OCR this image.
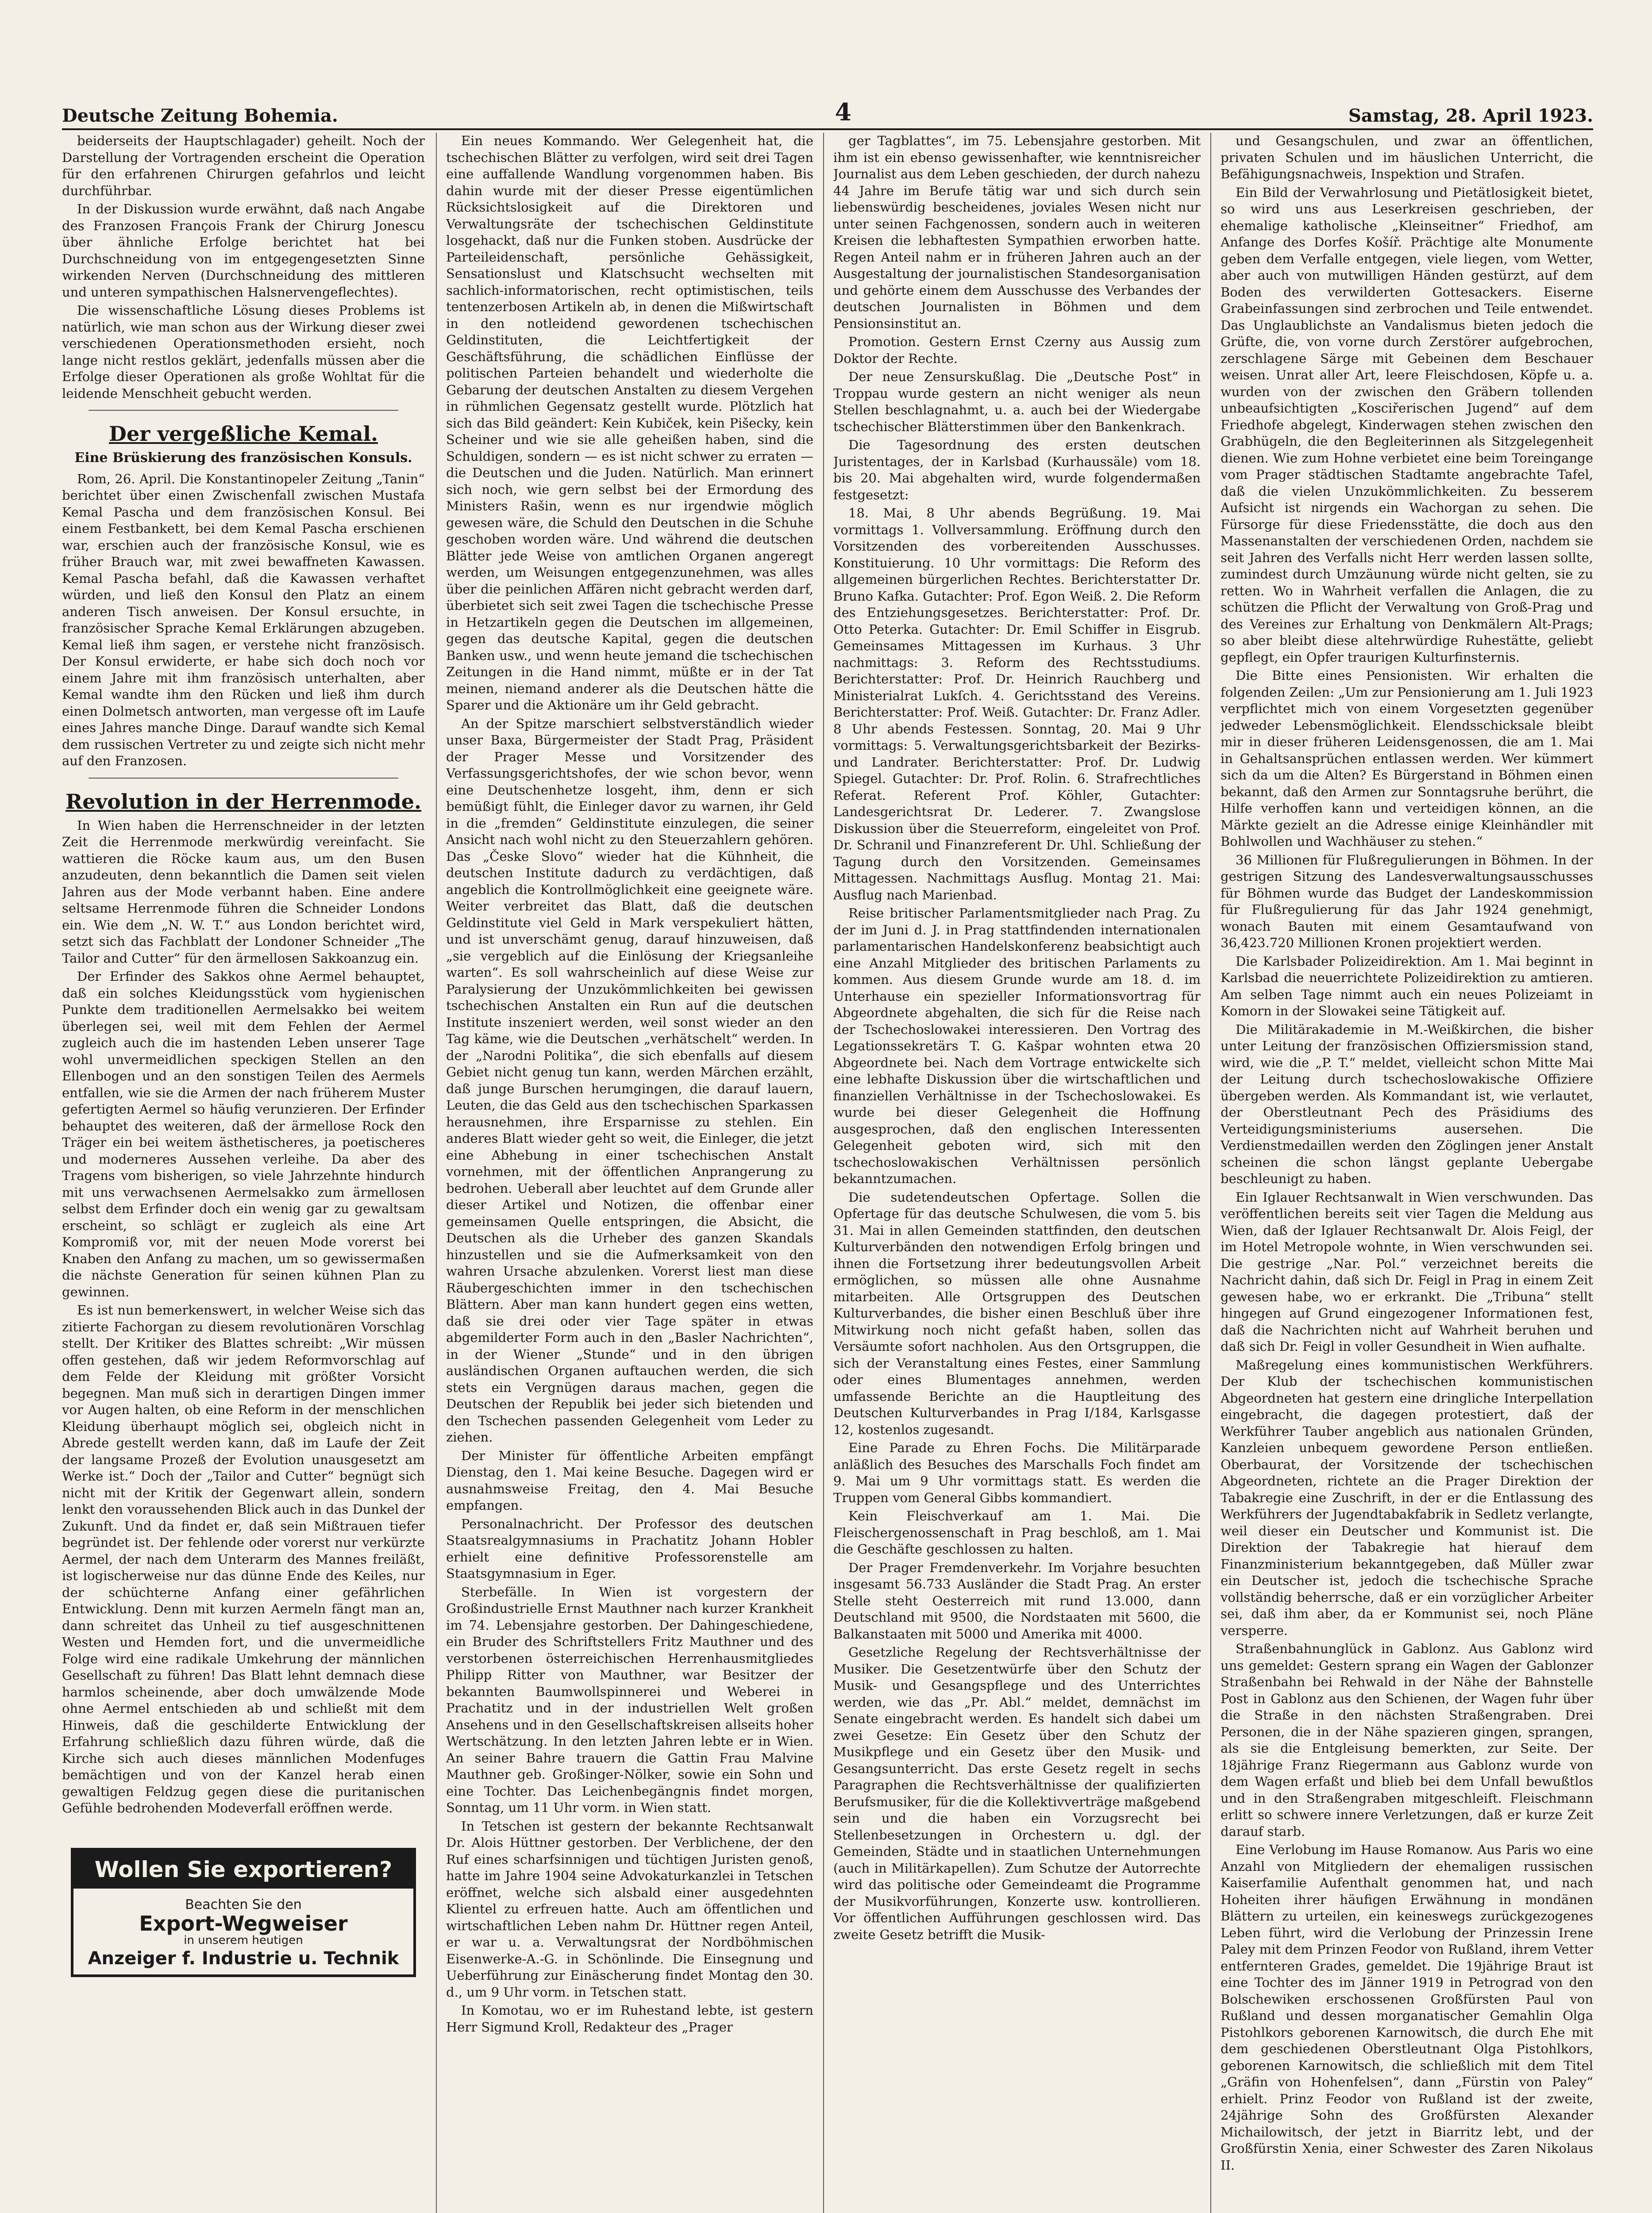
Deutsche Zeitung Bohemia.	4	Samstag, 28. April 1923.

beiderseits der Hauptschlagader) geheilt. Noch der Darstellung der Vortragenden erscheint die Operation für den erfahrenen Chirurgen gefahrlos und leicht durchführbar.

In der Diskussion wurde erwähnt, daß nach Angabe des Franzosen François Frank der Chirurg Jonescu über ähnliche Erfolge berichtet hat bei Durchschneidung von im entgegengesetzten Sinne wirkenden Nerven (Durchschneidung des mittleren und unteren sympathischen Halsnervengeflechtes).

Die wissenschaftliche Lösung dieses Problems ist natürlich, wie man schon aus der Wirkung dieser zwei verschiedenen Operationsmethoden ersieht, noch lange nicht restlos geklärt, jedenfalls müssen aber die Erfolge dieser Operationen als große Wohltat für die leidende Menschheit gebucht werden.

Der vergeßliche Kemal.
Eine Brüskierung des französischen Konsuls.

Rom, 26. April. Die Konstantinopeler Zeitung „Tanin“ berichtet über einen Zwischenfall zwischen Mustafa Kemal Pascha und dem französischen Konsul. Bei einem Festbankett, bei dem Kemal Pascha erschienen war, erschien auch der französische Konsul, wie es früher Brauch war, mit zwei bewaffneten Kawassen. Kemal Pascha befahl, daß die Kawassen verhaftet würden, und ließ den Konsul den Platz an einem anderen Tisch anweisen. Der Konsul ersuchte, in französischer Sprache Kemal Erklärungen abzugeben. Kemal ließ ihm sagen, er verstehe nicht französisch. Der Konsul erwiderte, er habe sich doch noch vor einem Jahre mit ihm französisch unterhalten, aber Kemal wandte ihm den Rücken und ließ ihm durch einen Dolmetsch antworten, man vergesse oft im Laufe eines Jahres manche Dinge. Darauf wandte sich Kemal dem russischen Vertreter zu und zeigte sich nicht mehr auf den Franzosen.

Revolution in der Herrenmode.

In Wien haben die Herrenschneider in der letzten Zeit die Herrenmode merkwürdig vereinfacht. Sie wattieren die Röcke kaum aus, um den Busen anzudeuten, denn bekanntlich die Damen seit vielen Jahren aus der Mode verbannt haben. Eine andere seltsame Herrenmode führen die Schneider Londons ein. Wie dem „N. W. T.“ aus London berichtet wird, setzt sich das Fachblatt der Londoner Schneider „The Tailor and Cutter“ für den ärmellosen Sakkoanzug ein.

Der Erfinder des Sakkos ohne Aermel behauptet, daß ein solches Kleidungsstück vom hygienischen Punkte dem traditionellen Aermelsakko bei weitem überlegen sei, weil mit dem Fehlen der Aermel zugleich auch die im hastenden Leben unserer Tage wohl unvermeidlichen speckigen Stellen an den Ellenbogen und an den sonstigen Teilen des Aermels entfallen, wie sie die Armen der nach früherem Muster gefertigten Aermel so häufig verunzieren. Der Erfinder behauptet des weiteren, daß der ärmellose Rock den Träger ein bei weitem ästhetischeres, ja poetischeres und moderneres Aussehen verleihe. Da aber des Tragens vom bisherigen, so viele Jahrzehnte hindurch mit uns verwachsenen Aermelsakko zum ärmellosen selbst dem Erfinder doch ein wenig gar zu gewaltsam erscheint, so schlägt er zugleich als eine Art Kompromiß vor, mit der neuen Mode vorerst bei Knaben den Anfang zu machen, um so gewissermaßen die nächste Generation für seinen kühnen Plan zu gewinnen.

Es ist nun bemerkenswert, in welcher Weise sich das zitierte Fachorgan zu diesem revolutionären Vorschlag stellt. Der Kritiker des Blattes schreibt: „Wir müssen offen gestehen, daß wir jedem Reformvorschlag auf dem Felde der Kleidung mit größter Vorsicht begegnen. Man muß sich in derartigen Dingen immer vor Augen halten, ob eine Reform in der menschlichen Kleidung überhaupt möglich sei, obgleich nicht in Abrede gestellt werden kann, daß im Laufe der Zeit der langsame Prozeß der Evolution unausgesetzt am Werke ist.“ Doch der „Tailor and Cutter“ begnügt sich nicht mit der Kritik der Gegenwart allein, sondern lenkt den voraussehenden Blick auch in das Dunkel der Zukunft. Und da findet er, daß sein Mißtrauen tiefer begründet ist. Der fehlende oder vorerst nur verkürzte Aermel, der nach dem Unterarm des Mannes freiläßt, ist logischerweise nur das dünne Ende des Keiles, nur der schüchterne Anfang einer gefährlichen Entwicklung. Denn mit kurzen Aermeln fängt man an, dann schreitet das Unheil zu tief ausgeschnittenen Westen und Hemden fort, und die unvermeidliche Folge wird eine radikale Umkehrung der männlichen Gesellschaft zu führen! Das Blatt lehnt demnach diese harmlos scheinende, aber doch umwälzende Mode ohne Aermel entschieden ab und schließt mit dem Hinweis, daß die geschilderte Entwicklung der Erfahrung schließlich dazu führen würde, daß die Kirche sich auch dieses männlichen Modenfuges bemächtigen und von der Kanzel herab einen gewaltigen Feldzug gegen diese die puritanischen Gefühle bedrohenden Modeverfall eröffnen werde.

Wollen Sie exportieren?
Beachten Sie den
Export-Wegweiser
in unserem heutigen
Anzeiger f. Industrie u. Technik

Ein neues Kommando. Wer Gelegenheit hat, die tschechischen Blätter zu verfolgen, wird seit drei Tagen eine auffallende Wandlung vorgenommen haben. Bis dahin wurde mit der dieser Presse eigentümlichen Rücksichtslosigkeit auf die Direktoren und Verwaltungsräte der tschechischen Geldinstitute losgehackt, daß nur die Funken stoben. Ausdrücke der Parteileidenschaft, persönliche Gehässigkeit, Sensationslust und Klatschsucht wechselten mit sachlich-informatorischen, recht optimistischen, teils tentenzerbosen Artikeln ab, in denen die Mißwirtschaft in den notleidend gewordenen tschechischen Geldinstituten, die Leichtfertigkeit der Geschäftsführung, die schädlichen Einflüsse der politischen Parteien behandelt und wiederholte die Gebarung der deutschen Anstalten zu diesem Vergehen in rühmlichen Gegensatz gestellt wurde. Plötzlich hat sich das Bild geändert: Kein Kubiček, kein Pišecky, kein Scheiner und wie sie alle geheißen haben, sind die Schuldigen, sondern — es ist nicht schwer zu erraten — die Deutschen und die Juden. Natürlich. Man erinnert sich noch, wie gern selbst bei der Ermordung des Ministers Rašin, wenn es nur irgendwie möglich gewesen wäre, die Schuld den Deutschen in die Schuhe geschoben worden wäre. Und während die deutschen Blätter jede Weise von amtlichen Organen angeregt werden, um Weisungen entgegenzunehmen, was alles über die peinlichen Affären nicht gebracht werden darf, überbietet sich seit zwei Tagen die tschechische Presse in Hetzartikeln gegen die Deutschen im allgemeinen, gegen das deutsche Kapital, gegen die deutschen Banken usw., und wenn heute jemand die tschechischen Zeitungen in die Hand nimmt, müßte er in der Tat meinen, niemand anderer als die Deutschen hätte die Sparer und die Aktionäre um ihr Geld gebracht.

An der Spitze marschiert selbstverständlich wieder unser Baxa, Bürgermeister der Stadt Prag, Präsident der Prager Messe und Vorsitzender des Verfassungsgerichtshofes, der wie schon bevor, wenn eine Deutschenhetze losgeht, ihm, denn er sich bemüßigt fühlt, die Einleger davor zu warnen, ihr Geld in die „fremden“ Geldinstitute einzulegen, die seiner Ansicht nach wohl nicht zu den Steuerzahlern gehören. Das „Česke Slovo“ wieder hat die Kühnheit, die deutschen Institute dadurch zu verdächtigen, daß angeblich die Kontrollmöglichkeit eine geeignete wäre. Weiter verbreitet das Blatt, daß die deutschen Geldinstitute viel Geld in Mark verspekuliert hätten, und ist unverschämt genug, darauf hinzuweisen, daß „sie vergeblich auf die Einlösung der Kriegsanleihe warten“. Es soll wahrscheinlich auf diese Weise zur Paralysierung der Unzukömmlichkeiten bei gewissen tschechischen Anstalten ein Run auf die deutschen Institute inszeniert werden, weil sonst wieder an den Tag käme, wie die Deutschen „verhätschelt“ werden. In der „Narodni Politika“, die sich ebenfalls auf diesem Gebiet nicht genug tun kann, werden Märchen erzählt, daß junge Burschen herumgingen, die darauf lauern, Leuten, die das Geld aus den tschechischen Sparkassen herausnehmen, ihre Ersparnisse zu stehlen. Ein anderes Blatt wieder geht so weit, die Einleger, die jetzt eine Abhebung in einer tschechischen Anstalt vornehmen, mit der öffentlichen Anprangerung zu bedrohen. Ueberall aber leuchtet auf dem Grunde aller dieser Artikel und Notizen, die offenbar einer gemeinsamen Quelle entspringen, die Absicht, die Deutschen als die Urheber des ganzen Skandals hinzustellen und sie die Aufmerksamkeit von den wahren Ursache abzulenken. Vorerst liest man diese Räubergeschichten immer in den tschechischen Blättern. Aber man kann hundert gegen eins wetten, daß sie drei oder vier Tage später in etwas abgemilderter Form auch in den „Basler Nachrichten“, in der Wiener „Stunde“ und in den übrigen ausländischen Organen auftauchen werden, die sich stets ein Vergnügen daraus machen, gegen die Deutschen der Republik bei jeder sich bietenden und den Tschechen passenden Gelegenheit vom Leder zu ziehen.

Der Minister für öffentliche Arbeiten empfängt Dienstag, den 1. Mai keine Besuche. Dagegen wird er ausnahmsweise Freitag, den 4. Mai Besuche empfangen.

Personalnachricht. Der Professor des deutschen Staatsrealgymnasiums in Prachatitz Johann Hobler erhielt eine definitive Professorenstelle am Staatsgymnasium in Eger.

Sterbefälle. In Wien ist vorgestern der Großindustrielle Ernst Mauthner nach kurzer Krankheit im 74. Lebensjahre gestorben. Der Dahingeschiedene, ein Bruder des Schriftstellers Fritz Mauthner und des verstorbenen österreichischen Herrenhausmitgliedes Philipp Ritter von Mauthner, war Besitzer der bekannten Baumwollspinnerei und Weberei in Prachatitz und in der industriellen Welt großen Ansehens und in den Gesellschaftskreisen allseits hoher Wertschätzung. In den letzten Jahren lebte er in Wien. An seiner Bahre trauern die Gattin Frau Malvine Mauthner geb. Großinger-Nölker, sowie ein Sohn und eine Tochter. Das Leichenbegängnis findet morgen, Sonntag, um 11 Uhr vorm. in Wien statt.

In Tetschen ist gestern der bekannte Rechtsanwalt Dr. Alois Hüttner gestorben. Der Verblichene, der den Ruf eines scharfsinnigen und tüchtigen Juristen genoß, hatte im Jahre 1904 seine Advokaturkanzlei in Tetschen eröffnet, welche sich alsbald einer ausgedehnten Klientel zu erfreuen hatte. Auch am öffentlichen und wirtschaftlichen Leben nahm Dr. Hüttner regen Anteil, er war u. a. Verwaltungsrat der Nordböhmischen Eisenwerke-A.-G. in Schönlinde. Die Einsegnung und Ueberführung zur Einäscherung findet Montag den 30. d., um 9 Uhr vorm. in Tetschen statt.

In Komotau, wo er im Ruhestand lebte, ist gestern Herr Sigmund Kroll, Redakteur des „Prager

ger Tagblattes“, im 75. Lebensjahre gestorben. Mit ihm ist ein ebenso gewissenhafter, wie kenntnisreicher Journalist aus dem Leben geschieden, der durch nahezu 44 Jahre im Berufe tätig war und sich durch sein liebenswürdig bescheidenes, joviales Wesen nicht nur unter seinen Fachgenossen, sondern auch in weiteren Kreisen die lebhaftesten Sympathien erworben hatte. Regen Anteil nahm er in früheren Jahren auch an der Ausgestaltung der journalistischen Standesorganisation und gehörte einem dem Ausschusse des Verbandes der deutschen Journalisten in Böhmen und dem Pensionsinstitut an.

Promotion. Gestern Ernst Czerny aus Aussig zum Doktor der Rechte.

Der neue Zensurskußlag. Die „Deutsche Post“ in Troppau wurde gestern an nicht weniger als neun Stellen beschlagnahmt, u. a. auch bei der Wiedergabe tschechischer Blätterstimmen über den Bankenkrach.

Die Tagesordnung des ersten deutschen Juristentages, der in Karlsbad (Kurhaussäle) vom 18. bis 20. Mai abgehalten wird, wurde folgendermaßen festgesetzt:

18. Mai, 8 Uhr abends Begrüßung. 19. Mai vormittags 1. Vollversammlung. Eröffnung durch den Vorsitzenden des vorbereitenden Ausschusses. Konstituierung. 10 Uhr vormittags: Die Reform des allgemeinen bürgerlichen Rechtes. Berichterstatter Dr. Bruno Kafka. Gutachter: Prof. Egon Weiß. 2. Die Reform des Entziehungsgesetzes. Berichterstatter: Prof. Dr. Otto Peterka. Gutachter: Dr. Emil Schiffer in Eisgrub. Gemeinsames Mittagessen im Kurhaus. 3 Uhr nachmittags: 3. Reform des Rechtsstudiums. Berichterstatter: Prof. Dr. Heinrich Rauchberg und Ministerialrat Lukſch. 4. Gerichtsstand des Vereins. Berichterstatter: Prof. Weiß. Gutachter: Dr. Franz Adler. 8 Uhr abends Festessen. Sonntag, 20. Mai 9 Uhr vormittags: 5. Verwaltungsgerichtsbarkeit der Bezirks- und Landrater. Berichterstatter: Prof. Dr. Ludwig Spiegel. Gutachter: Dr. Prof. Rolin. 6. Strafrechtliches Referat. Referent Prof. Köhler, Gutachter: Landesgerichtsrat Dr. Lederer. 7. Zwangslose Diskussion über die Steuerreform, eingeleitet von Prof. Dr. Schranil und Finanzreferent Dr. Uhl. Schließung der Tagung durch den Vorsitzenden. Gemeinsames Mittagessen. Nachmittags Ausflug. Montag 21. Mai: Ausflug nach Marienbad.

Reise britischer Parlamentsmitglieder nach Prag. Zu der im Juni d. J. in Prag stattfindenden internationalen parlamentarischen Handelskonferenz beabsichtigt auch eine Anzahl Mitglieder des britischen Parlaments zu kommen. Aus diesem Grunde wurde am 18. d. im Unterhause ein spezieller Informationsvortrag für Abgeordnete abgehalten, die sich für die Reise nach der Tschechoslowakei interessieren. Den Vortrag des Legationssekretärs T. G. Kašpar wohnten etwa 20 Abgeordnete bei. Nach dem Vortrage entwickelte sich eine lebhafte Diskussion über die wirtschaftlichen und finanziellen Verhältnisse in der Tschechoslowakei. Es wurde bei dieser Gelegenheit die Hoffnung ausgesprochen, daß den englischen Interessenten Gelegenheit geboten wird, sich mit den tschechoslowakischen Verhältnissen persönlich bekanntzumachen.

Die sudetendeutschen Opfertage. Sollen die Opfertage für das deutsche Schulwesen, die vom 5. bis 31. Mai in allen Gemeinden stattfinden, den deutschen Kulturverbänden den notwendigen Erfolg bringen und ihnen die Fortsetzung ihrer bedeutungsvollen Arbeit ermöglichen, so müssen alle ohne Ausnahme mitarbeiten. Alle Ortsgruppen des Deutschen Kulturverbandes, die bisher einen Beschluß über ihre Mitwirkung noch nicht gefaßt haben, sollen das Versäumte sofort nachholen. Aus den Ortsgruppen, die sich der Veranstaltung eines Festes, einer Sammlung oder eines Blumentages annehmen, werden umfassende Berichte an die Hauptleitung des Deutschen Kulturverbandes in Prag I/184, Karlsgasse 12, kostenlos zugesandt.

Eine Parade zu Ehren Fochs. Die Militärparade anläßlich des Besuches des Marschalls Foch findet am 9. Mai um 9 Uhr vormittags statt. Es werden die Truppen vom General Gibbs kommandiert.

Kein Fleischverkauf am 1. Mai. Die Fleischergenossenschaft in Prag beschloß, am 1. Mai die Geschäfte geschlossen zu halten.

Der Prager Fremdenverkehr. Im Vorjahre besuchten insgesamt 56.733 Ausländer die Stadt Prag. An erster Stelle steht Oesterreich mit rund 13.000, dann Deutschland mit 9500, die Nordstaaten mit 5600, die Balkanstaaten mit 5000 und Amerika mit 4000.

Gesetzliche Regelung der Rechtsverhältnisse der Musiker. Die Gesetzentwürfe über den Schutz der Musik- und Gesangspflege und des Unterrichtes werden, wie das „Pr. Abl.“ meldet, demnächst im Senate eingebracht werden. Es handelt sich dabei um zwei Gesetze: Ein Gesetz über den Schutz der Musikpflege und ein Gesetz über den Musik- und Gesangsunterricht. Das erste Gesetz regelt in sechs Paragraphen die Rechtsverhältnisse der qualifizierten Berufsmusiker, für die die Kollektivverträge maßgebend sein und die haben ein Vorzugsrecht bei Stellenbesetzungen in Orchestern u. dgl. der Gemeinden, Städte und in staatlichen Unternehmungen (auch in Militärkapellen). Zum Schutze der Autorrechte wird das politische oder Gemeindeamt die Programme der Musikvorführungen, Konzerte usw. kontrollieren. Vor öffentlichen Aufführungen geschlossen wird. Das zweite Gesetz betrifft die Musik-

und Gesangschulen, und zwar an öffentlichen, privaten Schulen und im häuslichen Unterricht, die Befähigungsnachweis, Inspektion und Strafen.

Ein Bild der Verwahrlosung und Pietätlosigkeit bietet, so wird uns aus Leserkreisen geschrieben, der ehemalige katholische „Kleinseitner“ Friedhof, am Anfange des Dorfes Košíř. Prächtige alte Monumente geben dem Verfalle entgegen, viele liegen, vom Wetter, aber auch von mutwilligen Händen gestürzt, auf dem Boden des verwilderten Gottesackers. Eiserne Grabeinfassungen sind zerbrochen und Teile entwendet. Das Unglaublichste an Vandalismus bieten jedoch die Grüfte, die, von vorne durch Zerstörer aufgebrochen, zerschlagene Särge mit Gebeinen dem Beschauer weisen. Unrat aller Art, leere Fleischdosen, Köpfe u. a. wurden von der zwischen den Gräbern tollenden unbeaufsichtigten „Kosciřerischen Jugend“ auf dem Friedhofe abgelegt, Kinderwagen stehen zwischen den Grabhügeln, die den Begleiterinnen als Sitzgelegenheit dienen. Wie zum Hohne verbietet eine beim Toreingange vom Prager städtischen Stadtamte angebrachte Tafel, daß die vielen Unzukömmlichkeiten. Zu besserem Aufsicht ist nirgends ein Wachorgan zu sehen. Die Fürsorge für diese Friedensstätte, die doch aus den Massenanstalten der verschiedenen Orden, nachdem sie seit Jahren des Verfalls nicht Herr werden lassen sollte, zumindest durch Umzäunung würde nicht gelten, sie zu retten. Wo in Wahrheit verfallen die Anlagen, die zu schützen die Pflicht der Verwaltung von Groß-Prag und des Vereines zur Erhaltung von Denkmälern Alt-Prags; so aber bleibt diese altehrwürdige Ruhestätte, geliebt gepflegt, ein Opfer traurigen Kulturfinsternis.

Die Bitte eines Pensionisten. Wir erhalten die folgenden Zeilen: „Um zur Pensionierung am 1. Juli 1923 verpflichtet mich von einem Vorgesetzten gegenüber jedweder Lebensmöglichkeit. Elendsschicksale bleibt mir in dieser früheren Leidensgenossen, die am 1. Mai in Gehaltsansprüchen entlassen werden. Wer kümmert sich da um die Alten? Es Bürgerstand in Böhmen einen bekannt, daß den Armen zur Sonntagsruhe berührt, die Hilfe verhoffen kann und verteidigen können, an die Märkte gezielt an die Adresse einige Kleinhändler mit Bohlwollen und Wachhäuser zu stehen.“

36 Millionen für Flußregulierungen in Böhmen. In der gestrigen Sitzung des Landesverwaltungsausschusses für Böhmen wurde das Budget der Landeskommission für Flußregulierung für das Jahr 1924 genehmigt, wonach Bauten mit einem Gesamtaufwand von 36,423.720 Millionen Kronen projektiert werden.

Die Karlsbader Polizeidirektion. Am 1. Mai beginnt in Karlsbad die neuerrichtete Polizeidirektion zu amtieren. Am selben Tage nimmt auch ein neues Polizeiamt in Komorn in der Slowakei seine Tätigkeit auf.

Die Militärakademie in M.-Weißkirchen, die bisher unter Leitung der französischen Offiziersmission stand, wird, wie die „P. T.“ meldet, vielleicht schon Mitte Mai der Leitung durch tschechoslowakische Offiziere übergeben werden. Als Kommandant ist, wie verlautet, der Oberstleutnant Pech des Präsidiums des Verteidigungsministeriums ausersehen. Die Verdienstmedaillen werden den Zöglingen jener Anstalt scheinen die schon längst geplante Uebergabe beschleunigt zu haben.

Ein Iglauer Rechtsanwalt in Wien verschwunden. Das veröffentlichen bereits seit vier Tagen die Meldung aus Wien, daß der Iglauer Rechtsanwalt Dr. Alois Feigl, der im Hotel Metropole wohnte, in Wien verschwunden sei. Die gestrige „Nar. Pol.“ verzeichnet bereits die Nachricht dahin, daß sich Dr. Feigl in Prag in einem Zeit gewesen habe, wo er erkrankt. Die „Tribuna“ stellt hingegen auf Grund eingezogener Informationen fest, daß die Nachrichten nicht auf Wahrheit beruhen und daß sich Dr. Feigl in voller Gesundheit in Wien aufhalte.

Maßregelung eines kommunistischen Werkführers. Der Klub der tschechischen kommunistischen Abgeordneten hat gestern eine dringliche Interpellation eingebracht, die dagegen protestiert, daß der Werkführer Tauber angeblich aus nationalen Gründen, Kanzleien unbequem gewordene Person entließen. Oberbaurat, der Vorsitzende der tschechischen Abgeordneten, richtete an die Prager Direktion der Tabakregie eine Zuschrift, in der er die Entlassung des Werkführers der Jugendtabakfabrik in Sedletz verlangte, weil dieser ein Deutscher und Kommunist ist. Die Direktion der Tabakregie hat hierauf dem Finanzministerium bekanntgegeben, daß Müller zwar ein Deutscher ist, jedoch die tschechische Sprache vollständig beherrsche, daß er ein vorzüglicher Arbeiter sei, daß ihm aber, da er Kommunist sei, noch Pläne versperre.

Straßenbahnunglück in Gablonz. Aus Gablonz wird uns gemeldet: Gestern sprang ein Wagen der Gablonzer Straßenbahn bei Rehwald in der Nähe der Bahnstelle Post in Gablonz aus den Schienen, der Wagen fuhr über die Straße in den nächsten Straßengraben. Drei Personen, die in der Nähe spazieren gingen, sprangen, als sie die Entgleisung bemerkten, zur Seite. Der 18jährige Franz Riegermann aus Gablonz wurde von dem Wagen erfaßt und blieb bei dem Unfall bewußtlos und in den Straßengraben mitgeschleift. Fleischmann erlitt so schwere innere Verletzungen, daß er kurze Zeit darauf starb.

Eine Verlobung im Hause Romanow. Aus Paris wo eine Anzahl von Mitgliedern der ehemaligen russischen Kaiserfamilie Aufenthalt genommen hat, und nach Hoheiten ihrer häufigen Erwähnung in mondänen Blättern zu urteilen, ein keineswegs zurückgezogenes Leben führt, wird die Verlobung der Prinzessin Irene Paley mit dem Prinzen Feodor von Rußland, ihrem Vetter entfernteren Grades, gemeldet. Die 19jährige Braut ist eine Tochter des im Jänner 1919 in Petrograd von den Bolschewiken erschossenen Großfürsten Paul von Rußland und dessen morganatischer Gemahlin Olga Pistohlkors geborenen Karnowitsch, die durch Ehe mit dem geschiedenen Oberstleutnant Olga Pistohlkors, geborenen Karnowitsch, die schließlich mit dem Titel „Gräfin von Hohenfelsen“, dann „Fürstin von Paley“ erhielt. Prinz Feodor von Rußland ist der zweite, 24jährige Sohn des Großfürsten Alexander Michailowitsch, der jetzt in Biarritz lebt, und der Großfürstin Xenia, einer Schwester des Zaren Nikolaus II.
